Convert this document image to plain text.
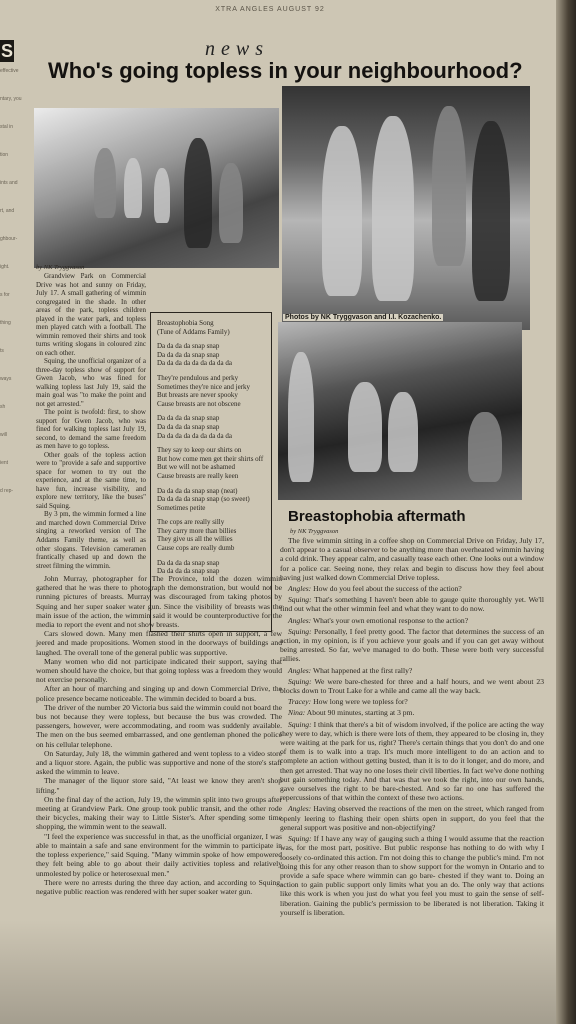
S
effective

ntary, you

stal in

tion

ints and

rt, and

ghbour-

ight.

s for

thing

ts

ways

sh

will

ient

d rep-

XTRA ANGLES AUGUST 92
news
Who's going topless in your neighbourhood?
Photos by NK Tryggvason and I.I. Kozachenko.
by NK Tryggvason

Grandview Park on Commercial Drive was hot and sunny on Friday, July 17. A small gathering of wimmin congregated in the shade. In other areas of the park, topless children played in the water park, and topless men played catch with a football. The wimmin removed their shirts and took turns writing slogans in coloured zinc on each other.

Squing, the unofficial organizer of a three-day topless show of support for Gwen Jacob, who was fined for walking topless last July 19, said the main goal was "to make the point and not get arrested."

The point is twofold: first, to show support for Gwen Jacob, who was fined for walking topless last July 19, second, to demand the same freedom as men have to go topless.

Other goals of the topless action were to "provide a safe and supportive space for women to try out the experience, and at the same time, to have fun, increase visibility, and explore new territory, like the buses" said Squing.

By 3 pm, the wimmin formed a line and marched down Commercial Drive singing a reworked version of The Addams Family theme, as well as other slogans. Television cameramen frantically chased up and down the street filming the wimmin.

Breastophobia Song
(Tune of Addams Family)
Da da da da snap snap
Da da da da snap snap
Da da da da da da da da da
They're pendulous and perky
Sometimes they're nice and jerky
But breasts are never spooky
Cause breasts are not obscene
Da da da da snap snap
Da da da da snap snap
Da da da da da da da da da
They say to keep our shirts on
But how come men get their shirts off
But we will not be ashamed
Cause breasts are really keen
Da da da da snap snap (neat)
Da da da da snap snap (so sweet)
Sometimes petite
The cops are really silly
They carry more than billies
They give us all the willies
Cause cops are really dumb
Da da da da snap snap
Da da da da snap snap

John Murray, photographer for The Province, told the dozen wimmin gathered that he was there to photograph the demonstration, but would not be running pictures of breasts. Murray was discouraged from taking photos by Squing and her super soaker water gun. Since the visibility of breasts was the main issue of the action, the wimmin said it would be counterproductive for the media to report the event and not show breasts.

Cars slowed down. Many men flashed their shirts open in support, a few jeered and made propositions. Women stood in the doorways of buildings and laughed. The overall tone of the general public was supportive.

Many women who did not participate indicated their support, saying that women should have the choice, but that going topless was a freedom they would not exercise personally.

After an hour of marching and singing up and down Commercial Drive, the police presence became noticeable. The wimmin decided to board a bus.

The driver of the number 20 Victoria bus said the wimmin could not board the bus not because they were topless, but because the bus was crowded. The passengers, however, were accommodating, and room was suddenly available. The men on the bus seemed embarrassed, and one gentleman phoned the police on his cellular telephone.

On Saturday, July 18, the wimmin gathered and went topless to a video store and a liquor store. Again, the public was supportive and none of the store's staff asked the wimmin to leave.

The manager of the liquor store said, "At least we know they aren't shop lifting."

On the final day of the action, July 19, the wimmin split into two groups after meeting at Grandview Park. One group took public transit, and the other rode their bicycles, making their way to Little Sister's. After spending some time shopping, the wimmin went to the seawall.

"I feel the experience was successful in that, as the unofficial organizer, I was able to maintain a safe and sane environment for the wimmin to participate in the topless experience," said Squing. "Many wimmin spoke of how empowered they felt being able to go about their daily activities topless and relatively unmolested by police or heterosexual men."

There were no arrests during the three day action, and according to Squing, negative public reaction was rendered with her super soaker water gun.

Breastophobia aftermath
by NK Tryggvason

The five wimmin sitting in a coffee shop on Commercial Drive on Friday, July 17, don't appear to a casual observer to be anything more than overheated wimmin having a cold drink. They appear calm, and casually tease each other. One looks out a window for a police car. Seeing none, they relax and begin to discuss how they feel about having just walked down Commercial Drive topless.

Angles: How do you feel about the success of the action?

Squing: That's something I haven't been able to gauge quite thoroughly yet. We'll find out what the other wimmin feel and what they want to do now.

Angles: What's your own emotional response to the action?

Squing: Personally, I feel pretty good. The factor that determines the success of an action, in my opinion, is if you achieve your goals and if you can get away without being arrested. So far, we've managed to do both. These were both very successful rallies.

Angles: What happened at the first rally?

Squing: We were bare-chested for three and a half hours, and we went about 23 blocks down to Trout Lake for a while and came all the way back.

Tracey: How long were we topless for?

Nina: About 90 minutes, starting at 3 pm.

Squing: I think that there's a bit of wisdom involved, if the police are acting the way they were to day, which is there were lots of them, they appeared to be closing in, they were waiting at the park for us, right? There's certain things that you don't do and one of them is to walk into a trap. It's much more intelligent to do an action and to complete an action without getting busted, than it is to do it longer, and do more, and then get arrested. That way no one loses their civil liberties. In fact we've done nothing but gain something today. And that was that we took the right, into our own hands, gave ourselves the right to be bare-chested. And so far no one has suffered the repercussions of that within the context of these two actions.

Angles: Having observed the reactions of the men on the street, which ranged from openly leering to flashing their open shirts open in support, do you feel that the general support was positive and non-objectifying?

Squing: If I have any way of gauging such a thing I would assume that the reaction was, for the most part, positive. But public response has nothing to do with why I loosely co-ordinated this action. I'm not doing this to change the public's mind. I'm not doing this for any other reason than to show support for the womyn in Ontario and to provide a safe space where wimmin can go bare- chested if they want to. Doing an action to gain public support only limits what you an do. The only way that actions like this work is when you just do what you feel you must to gain the sense of self-liberation. Gaining the public's permission to be liberated is not liberation. Taking it yourself is liberation.
